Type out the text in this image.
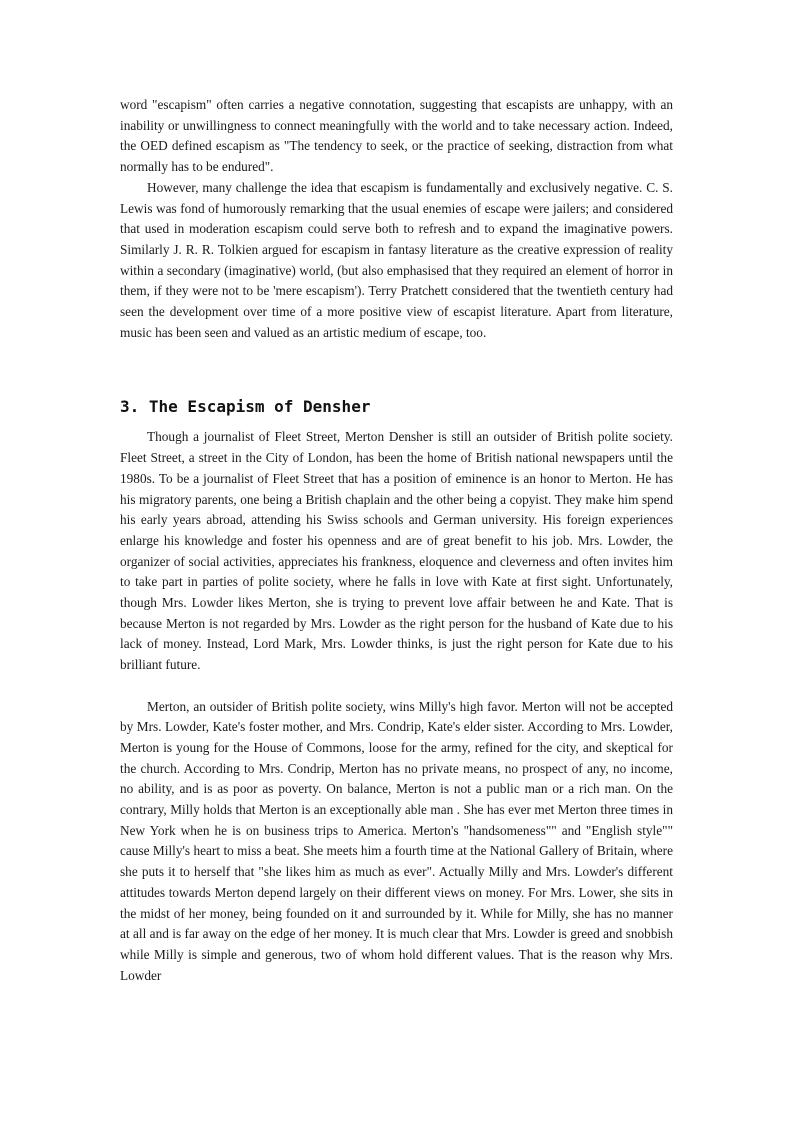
word "escapism" often carries a negative connotation, suggesting that escapists are unhappy, with an inability or unwillingness to connect meaningfully with the world and to take necessary action. Indeed, the OED defined escapism as "The tendency to seek, or the practice of seeking, distraction from what normally has to be endured".

However, many challenge the idea that escapism is fundamentally and exclusively negative. C. S. Lewis was fond of humorously remarking that the usual enemies of escape were jailers; and considered that used in moderation escapism could serve both to refresh and to expand the imaginative powers. Similarly J. R. R. Tolkien argued for escapism in fantasy literature as the creative expression of reality within a secondary (imaginative) world, (but also emphasised that they required an element of horror in them, if they were not to be 'mere escapism'). Terry Pratchett considered that the twentieth century had seen the development over time of a more positive view of escapist literature. Apart from literature, music has been seen and valued as an artistic medium of escape, too.

3. The Escapism of Densher

Though a journalist of Fleet Street, Merton Densher is still an outsider of British polite society. Fleet Street, a street in the City of London, has been the home of British national newspapers until the 1980s. To be a journalist of Fleet Street that has a position of eminence is an honor to Merton. He has his migratory parents, one being a British chaplain and the other being a copyist. They make him spend his early years abroad, attending his Swiss schools and German university. His foreign experiences enlarge his knowledge and foster his openness and are of great benefit to his job. Mrs. Lowder, the organizer of social activities, appreciates his frankness, eloquence and cleverness and often invites him to take part in parties of polite society, where he falls in love with Kate at first sight. Unfortunately, though Mrs. Lowder likes Merton, she is trying to prevent love affair between he and Kate. That is because Merton is not regarded by Mrs. Lowder as the right person for the husband of Kate due to his lack of money. Instead, Lord Mark, Mrs. Lowder thinks, is just the right person for Kate due to his brilliant future.

Merton, an outsider of British polite society, wins Milly's high favor. Merton will not be accepted by Mrs. Lowder, Kate's foster mother, and Mrs. Condrip, Kate's elder sister. According to Mrs. Lowder, Merton is young for the House of Commons, loose for the army, refined for the city, and skeptical for the church. According to Mrs. Condrip, Merton has no private means, no prospect of any, no income, no ability, and is as poor as poverty. On balance, Merton is not a public man or a rich man. On the contrary, Milly holds that Merton is an exceptionally able man . She has ever met Merton three times in New York when he is on business trips to America. Merton's "handsomeness"" and "English style"" cause Milly's heart to miss a beat. She meets him a fourth time at the National Gallery of Britain, where she puts it to herself that "she likes him as much as ever". Actually Milly and Mrs. Lowder's different attitudes towards Merton depend largely on their different views on money. For Mrs. Lower, she sits in the midst of her money, being founded on it and surrounded by it. While for Milly, she has no manner at all and is far away on the edge of her money. It is much clear that Mrs. Lowder is greed and snobbish while Milly is simple and generous, two of whom hold different values. That is the reason why Mrs. Lowder
